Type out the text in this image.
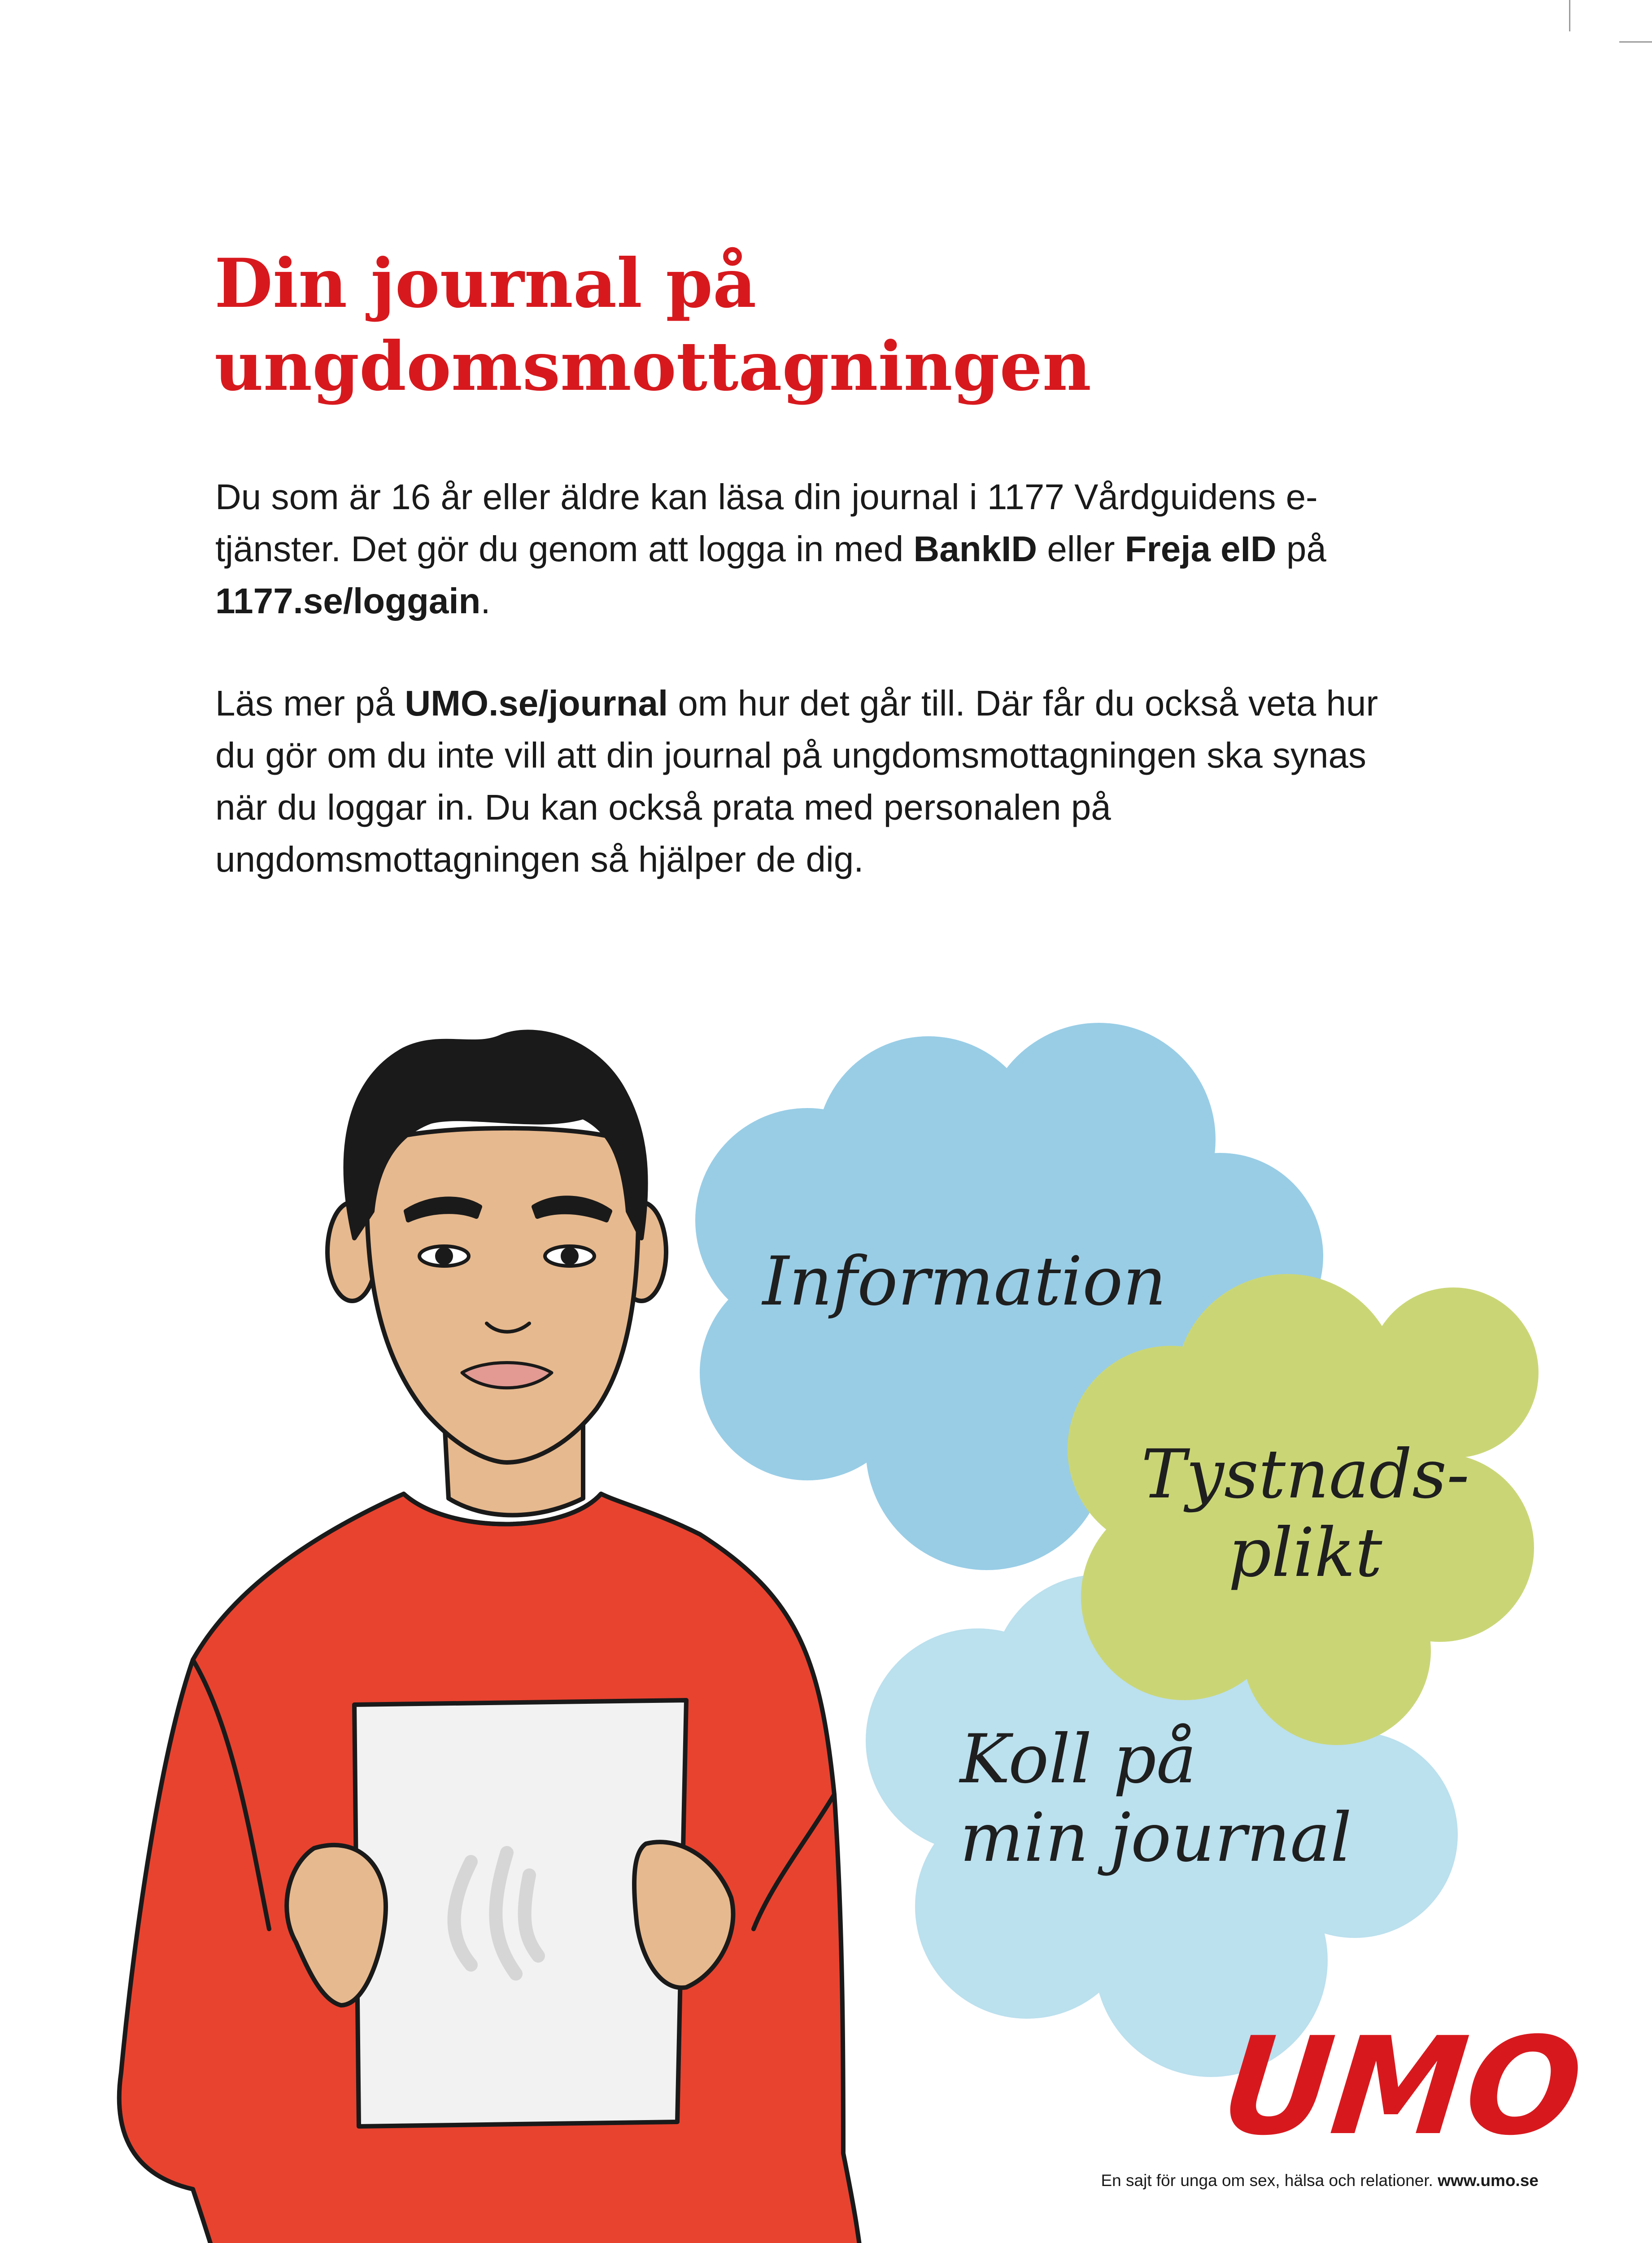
Din journal på
ungdomsmottagningen

Du som är 16 år eller äldre kan läsa din journal i 1177 Vårdguidens e-tjänster. Det gör du genom att logga in med BankID eller Freja eID på 1177.se/loggain.

Läs mer på UMO.se/journal om hur det går till. Där får du också veta hur du gör om du inte vill att din journal på ungdomsmottagningen ska synas när du loggar in. Du kan också prata med personalen på ungdomsmottagningen så hjälper de dig.

Information

Tystnads-
plikt

Koll på
min journal

UMO
En sajt för unga om sex, hälsa och relationer. www.umo.se
